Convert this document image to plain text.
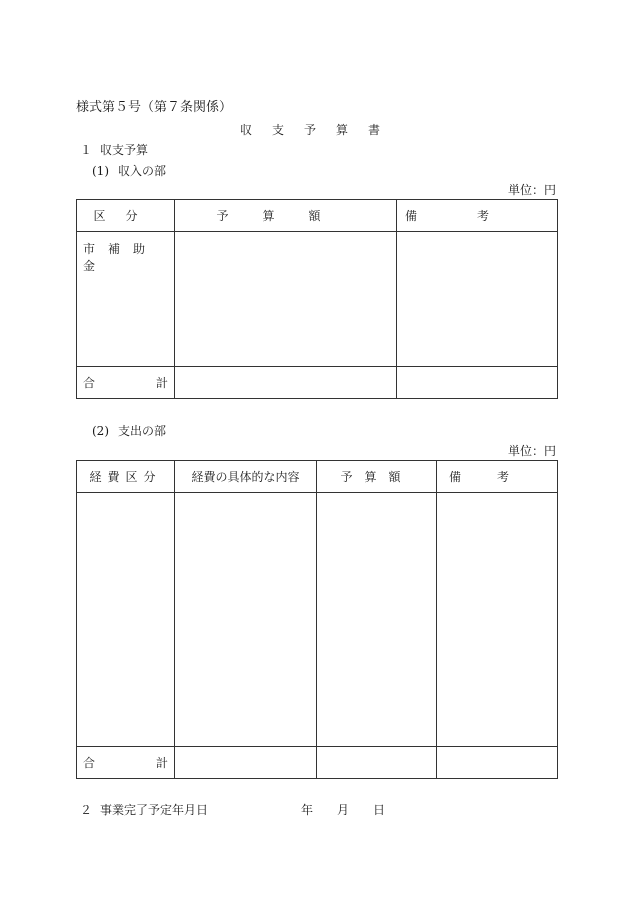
様式第５号（第７条関係）
収支予算書
１ 収支予算
(1) 収入の部
単位：円
区分	予算額	備考

市補助金		

合 計		

(2) 支出の部
単位：円
経費区分	経費の具体的な内容	予算額	備考

合 計			

２ 事業完了予定年月日	年 月 日
